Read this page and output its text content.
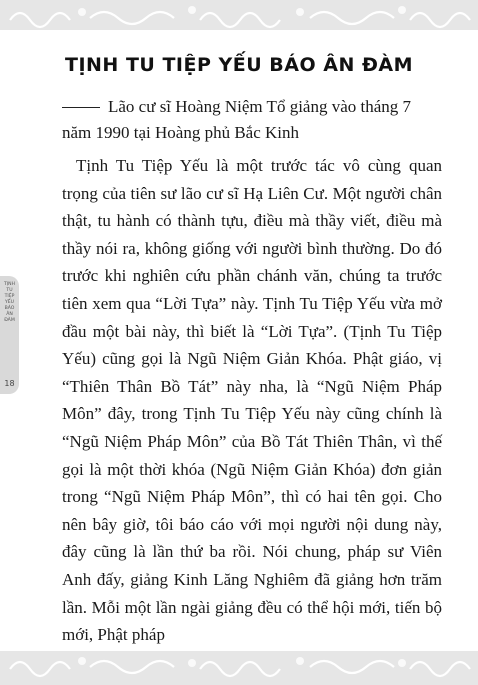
TỊNH TU TIỆP YẾU BÁO ÂN ĐÀM

Lão cư sĩ Hoàng Niệm Tổ giảng vào tháng 7 năm 1990 tại Hoàng phủ Bắc Kinh

Tịnh Tu Tiệp Yếu là một trước tác vô cùng quan trọng của tiên sư lão cư sĩ Hạ Liên Cư. Một người chân thật, tu hành có thành tựu, điều mà thầy viết, điều mà thầy nói ra, không giống với người bình thường. Do đó trước khi nghiên cứu phần chánh văn, chúng ta trước tiên xem qua “Lời Tựa” này. Tịnh Tu Tiệp Yếu vừa mở đầu một bài này, thì biết là “Lời Tựa”. (Tịnh Tu Tiệp Yếu) cũng gọi là Ngũ Niệm Giản Khóa. Phật giáo, vị “Thiên Thân Bồ Tát” này nha, là “Ngũ Niệm Pháp Môn” đây, trong Tịnh Tu Tiệp Yếu này cũng chính là “Ngũ Niệm Pháp Môn” của Bồ Tát Thiên Thân, vì thế gọi là một thời khóa (Ngũ Niệm Giản Khóa) đơn giản trong “Ngũ Niệm Pháp Môn”, thì có hai tên gọi. Cho nên bây giờ, tôi báo cáo với mọi người nội dung này, đây cũng là lần thứ ba rồi. Nói chung, pháp sư Viên Anh đấy, giảng Kinh Lăng Nghiêm đã giảng hơn trăm lần. Mỗi một lần ngài giảng đều có thể hội mới, tiến bộ mới, Phật pháp

TỊNH
TU
TIỆP
YẾU
BÁO
ÂN
ĐÀM
18
